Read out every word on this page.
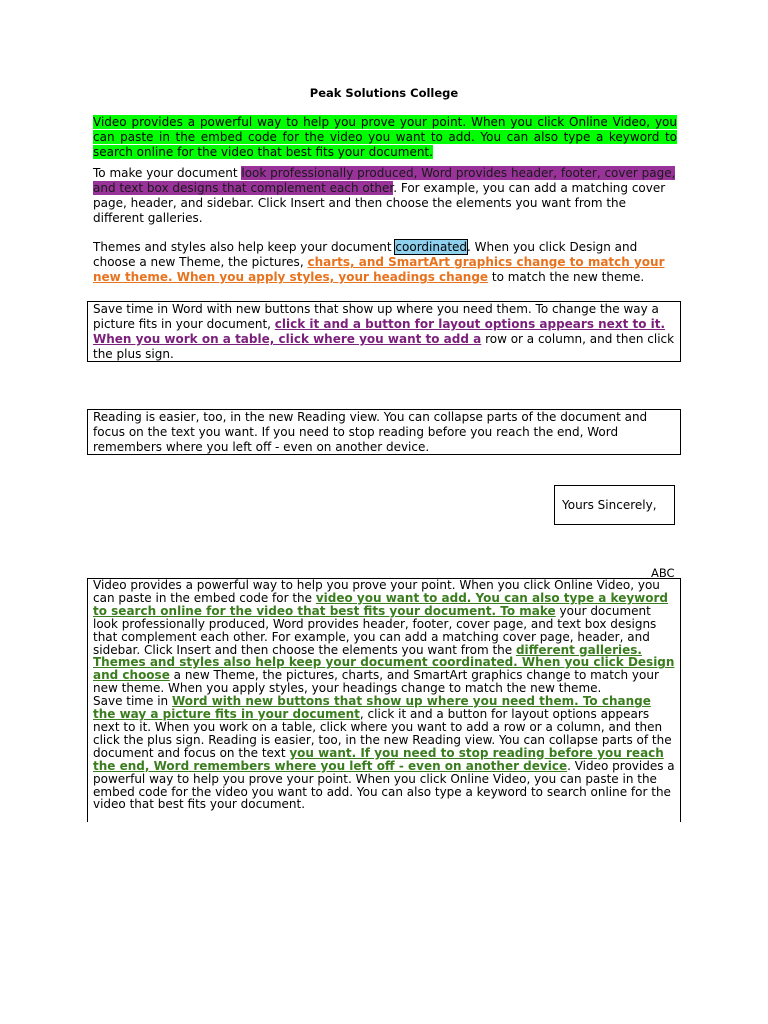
Peak Solutions College
Video provides a powerful way to help you prove your point. When you click Online Video, you can paste in the embed code for the video you want to add. You can also type a keyword to search online for the video that best fits your document.
To make your document look professionally produced, Word provides header, footer, cover page, and text box designs that complement each other. For example, you can add a matching cover page, header, and sidebar. Click Insert and then choose the elements you want from the different galleries.
Themes and styles also help keep your document coordinated. When you click Design and choose a new Theme, the pictures, charts, and SmartArt graphics change to match your new theme. When you apply styles, your headings change to match the new theme.
Save time in Word with new buttons that show up where you need them. To change the way a picture fits in your document, click it and a button for layout options appears next to it. When you work on a table, click where you want to add a row or a column, and then click the plus sign.
Reading is easier, too, in the new Reading view. You can collapse parts of the document and focus on the text you want. If you need to stop reading before you reach the end, Word remembers where you left off - even on another device.
Yours Sincerely,
ABC
Video provides a powerful way to help you prove your point. When you click Online Video, you can paste in the embed code for the video you want to add. You can also type a keyword to search online for the video that best fits your document. To make your document look professionally produced, Word provides header, footer, cover page, and text box designs that complement each other. For example, you can add a matching cover page, header, and sidebar. Click Insert and then choose the elements you want from the different galleries. Themes and styles also help keep your document coordinated. When you click Design and choose a new Theme, the pictures, charts, and SmartArt graphics change to match your new theme. When you apply styles, your headings change to match the new theme.
Save time in Word with new buttons that show up where you need them. To change the way a picture fits in your document, click it and a button for layout options appears next to it. When you work on a table, click where you want to add a row or a column, and then click the plus sign. Reading is easier, too, in the new Reading view. You can collapse parts of the document and focus on the text you want. If you need to stop reading before you reach the end, Word remembers where you left off - even on another device. Video provides a powerful way to help you prove your point. When you click Online Video, you can paste in the embed code for the video you want to add. You can also type a keyword to search online for the video that best fits your document.
